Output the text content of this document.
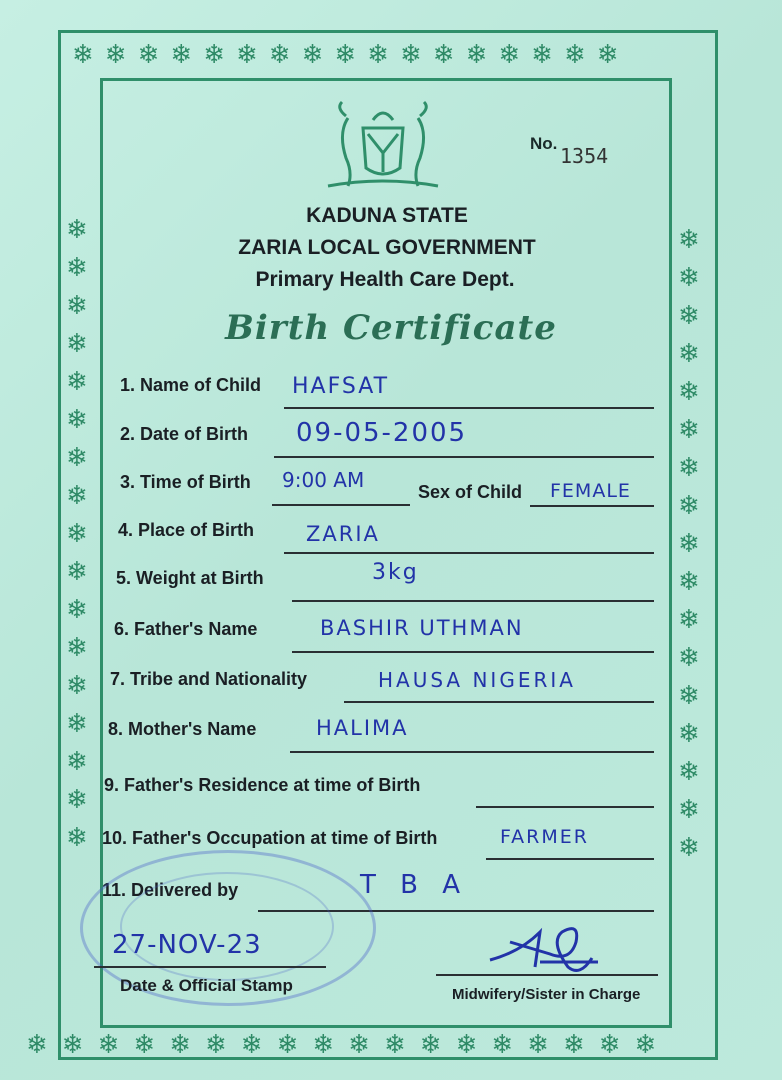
❄ ❄ ❄ ❄ ❄ ❄ ❄ ❄ ❄ ❄ ❄ ❄ ❄ ❄ ❄ ❄ ❄
❄ ❄ ❄ ❄ ❄ ❄ ❄ ❄ ❄ ❄ ❄ ❄ ❄ ❄ ❄ ❄ ❄ ❄
❄
❄
❄
❄
❄
❄
❄
❄
❄
❄
❄
❄
❄
❄
❄
❄
❄
❄
❄
❄
❄
❄
❄
❄
❄
❄
❄
❄
❄
❄
❄
❄
❄
❄
No.
1354
KADUNA STATE
ZARIA LOCAL GOVERNMENT
Primary Health Care Dept.
Birth Certificate
1. Name of Child HAFSAT
2. Date of Birth 09-05-2005
3. Time of Birth 9:00 AM	Sex of Child FEMALE
4. Place of Birth ZARIA
5. Weight at Birth	3kg
6. Father's Name	BASHIR UTHMAN
7. Tribe and Nationality	HAUSA NIGERIA
8. Mother's Name	HALIMA
9. Father's Residence at time of Birth
10. Father's Occupation at time of Birth	FARMER
11. Delivered by	T B A
27-NOV-23
Date & Official Stamp	Midwifery/Sister in Charge
